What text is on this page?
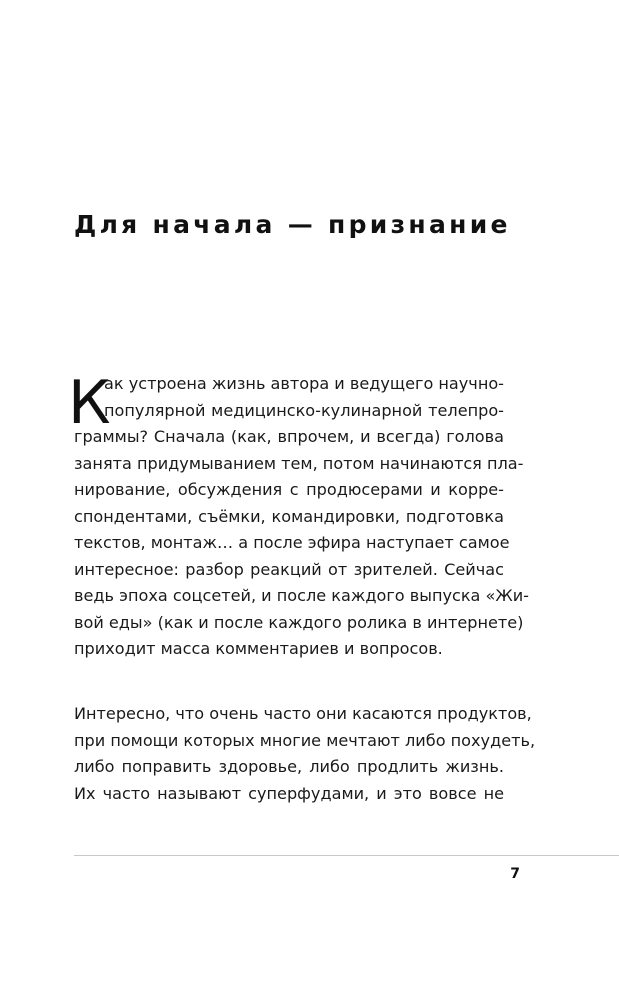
Для начала — признание
К
ак устроена жизнь автора и ведущего научно-
популярной медицинско-кулинарной телепро-
граммы? Сначала (как, впрочем, и всегда) голова
занята придумыванием тем, потом начинаются пла-
нирование, обсуждения с продюсерами и корре-
спондентами, съёмки, командировки, подготовка
текстов, монтаж… а после эфира наступает самое
интересное: разбор реакций от зрителей. Сейчас
ведь эпоха соцсетей, и после каждого выпуска «Жи-
вой еды» (как и после каждого ролика в интернете)
приходит масса комментариев и вопросов.
Интересно, что очень часто они касаются продуктов,
при помощи которых многие мечтают либо похудеть,
либо поправить здоровье, либо продлить жизнь.
Их часто называют суперфудами, и это вовсе не
7
